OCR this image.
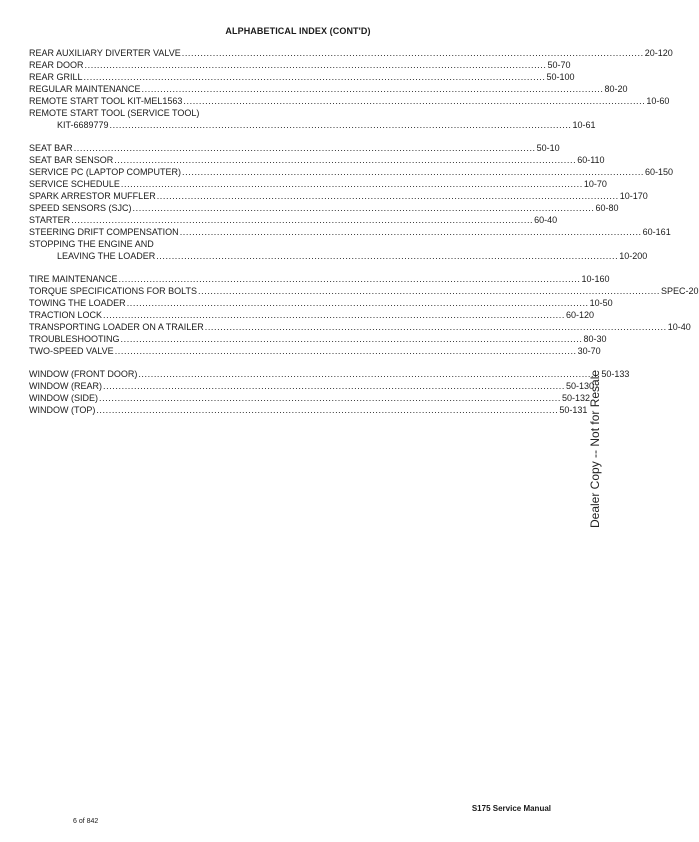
ALPHABETICAL INDEX (CONT'D)
REAR AUXILIARY DIVERTER VALVE .....	20-120
REAR DOOR .....	50-70
REAR GRILL .....	50-100
REGULAR MAINTENANCE .....	80-20
REMOTE START TOOL KIT-MEL1563 .....	10-60
REMOTE START TOOL (SERVICE TOOL)
KIT-6689779 .....	10-61
SEAT BAR .....	50-10
SEAT BAR SENSOR .....	60-110
SERVICE PC (LAPTOP COMPUTER) .....	60-150
SERVICE SCHEDULE .....	10-70
SPARK ARRESTOR MUFFLER .....	10-170
SPEED SENSORS (SJC) .....	60-80
STARTER .....	60-40
STEERING DRIFT COMPENSATION .....	60-161
STOPPING THE ENGINE AND
LEAVING THE LOADER .....	10-200
TIRE MAINTENANCE .....	10-160
TORQUE SPECIFICATIONS FOR BOLTS .....	SPEC-20
TOWING THE LOADER .....	10-50
TRACTION LOCK .....	60-120
TRANSPORTING LOADER ON A TRAILER .....	10-40
TROUBLESHOOTING .....	80-30
TWO-SPEED VALVE .....	30-70
WINDOW (FRONT DOOR) .....	50-133
WINDOW (REAR) .....	50-130
WINDOW (SIDE) .....	50-132
WINDOW (TOP) .....	50-131 Dealer Copy -- Not for Resale
S175 Service Manual
6 of 842
